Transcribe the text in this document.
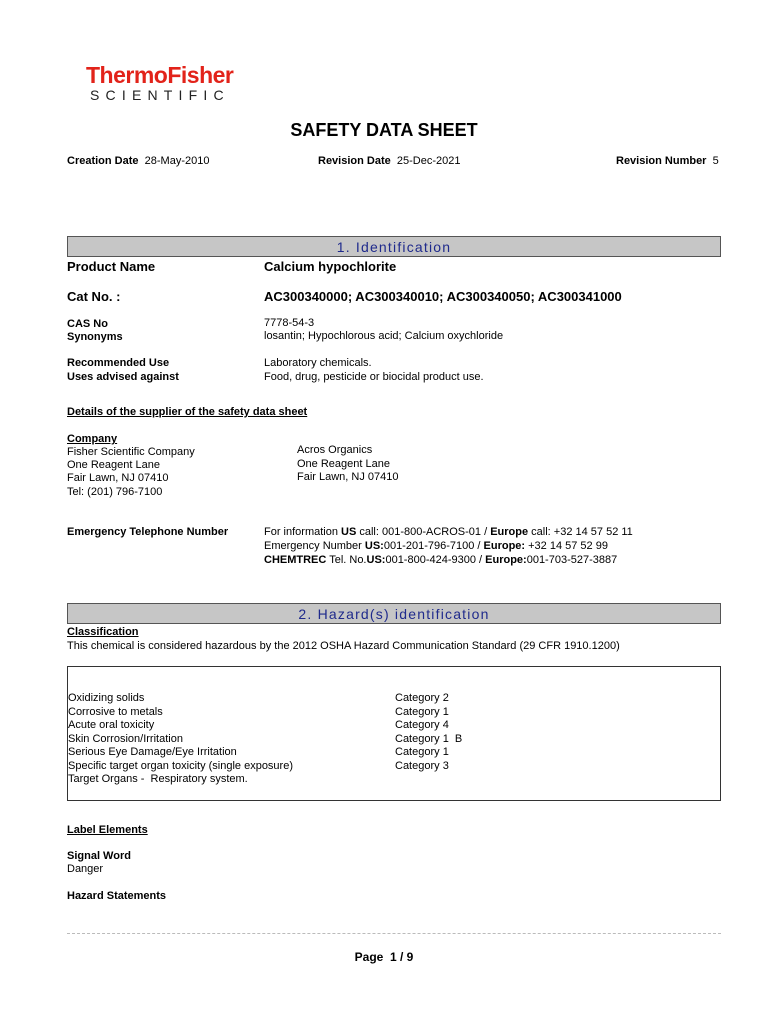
ThermoFisher
SCIENTIFIC
SAFETY DATA SHEET
Creation Date 28-May-2010	Revision Date 25-Dec-2021	Revision Number 5
1. Identification
Product Name	Calcium hypochlorite
Cat No. :	AC300340000; AC300340010; AC300340050; AC300341000
CAS No	7778-54-3
Synonyms	losantin; Hypochlorous acid; Calcium oxychloride
Recommended Use	Laboratory chemicals.
Uses advised against	Food, drug, pesticide or biocidal product use.
Details of the supplier of the safety data sheet
Company
Fisher Scientific Company
One Reagent Lane
Fair Lawn, NJ 07410
Tel: (201) 796-7100
Acros Organics
One Reagent Lane
Fair Lawn, NJ 07410
Emergency Telephone Number	For information US call: 001-800-ACROS-01 / Europe call: +32 14 57 52 11
Emergency Number US:001-201-796-7100 / Europe: +32 14 57 52 99
CHEMTREC Tel. No.US:001-800-424-9300 / Europe:001-703-527-3887
2. Hazard(s) identification
Classification
This chemical is considered hazardous by the 2012 OSHA Hazard Communication Standard (29 CFR 1910.1200)
Oxidizing solids	Category 2
Corrosive to metals	Category 1
Acute oral toxicity	Category 4
Skin Corrosion/Irritation	Category 1  B
Serious Eye Damage/Eye Irritation	Category 1
Specific target organ toxicity (single exposure)	Category 3
Target Organs -  Respiratory system.
Label Elements
Signal Word
Danger
Hazard Statements
Page  1 / 9
